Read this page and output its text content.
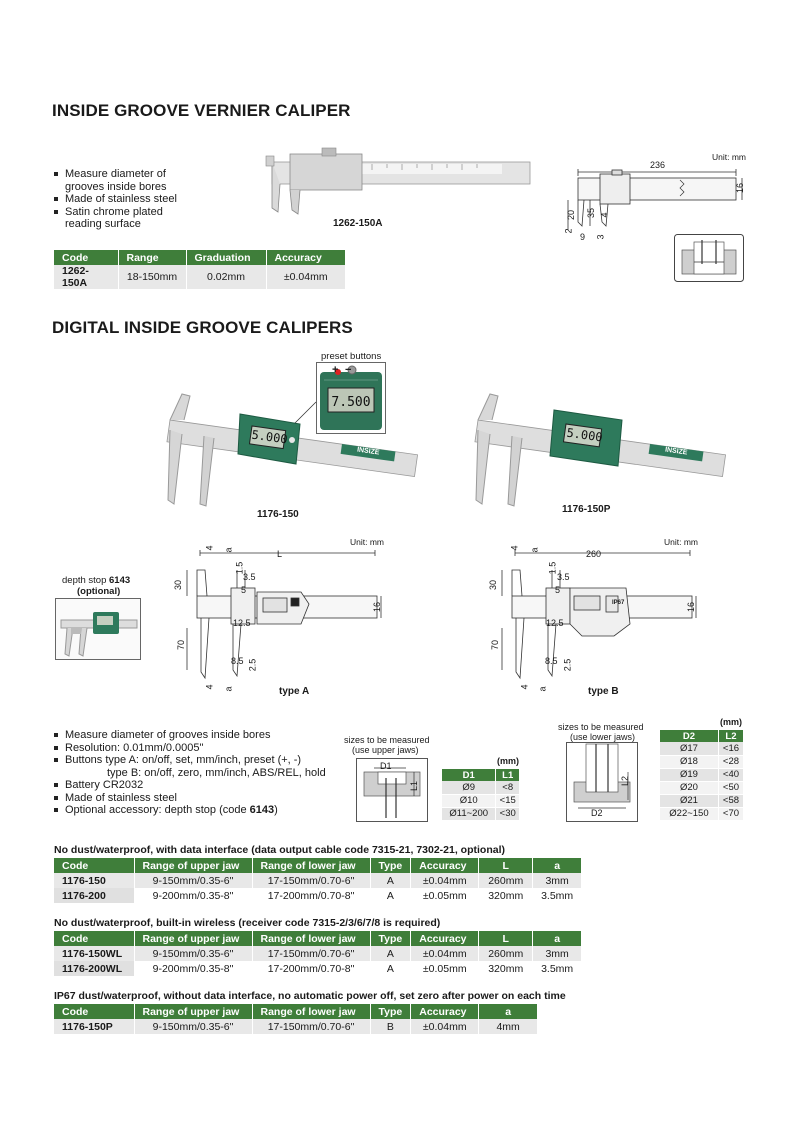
INSIDE GROOVE VERNIER CALIPER
Measure diameter of grooves inside bores
Made of stainless steel
Satin chrome plated reading surface	1262-150A
Unit: mm
236
16
35
20	4
2
9 3
Code	Range	Graduation	Accuracy
1262-150A	18-150mm	0.02mm	±0.04mm
DIGITAL INSIDE GROOVE CALIPERS
preset buttons
7.500
+ −
5.000
INSIZE
1176-150
5.000
INSIZE
1176-150P
depth stop 6143
(optional)
Unit: mm
L
a
4
30
70
16
1.5
3.5
5
12.5
8.5 2.5
4 a	type A
Unit: mm
260
a
4
30
70
16
1.5
3.5
5
12.5
IP67
8.5 2.5
4 a	type B
Measure diameter of grooves inside bores
Resolution: 0.01mm/0.0005"
Buttons type A: on/off, set, mm/inch, preset (+, -)
type B: on/off, zero, mm/inch, ABS/REL, hold
Battery CR2032
Made of stainless steel
Optional accessory: depth stop (code 6143)
sizes to be measured
(use upper jaws)
D1
L1
(mm)
D1	L1
Ø9	<8
Ø10	<15
Ø11~200	<30
sizes to be measured
(use lower jaws)
L2
D2
(mm)
D2	L2
Ø17	<16
Ø18	<28
Ø19	<40
Ø20	<50
Ø21	<58
Ø22~150	<70
No dust/waterproof, with data interface (data output cable code 7315-21, 7302-21, optional)
Code	Range of upper jaw	Range of lower jaw	Type	Accuracy	L	a
1176-150	9-150mm/0.35-6"	17-150mm/0.70-6"	A	±0.04mm	260mm	3mm
1176-200	9-200mm/0.35-8"	17-200mm/0.70-8"	A	±0.05mm	320mm	3.5mm
No dust/waterproof, built-in wireless (receiver code 7315-2/3/6/7/8 is required)
Code	Range of upper jaw	Range of lower jaw	Type	Accuracy	L	a
1176-150WL	9-150mm/0.35-6"	17-150mm/0.70-6"	A	±0.04mm	260mm	3mm
1176-200WL	9-200mm/0.35-8"	17-200mm/0.70-8"	A	±0.05mm	320mm	3.5mm
IP67 dust/waterproof, without data interface, no automatic power off, set zero after power on each time
Code	Range of upper jaw	Range of lower jaw	Type	Accuracy	a
1176-150P	9-150mm/0.35-6"	17-150mm/0.70-6"	B	±0.04mm	4mm
